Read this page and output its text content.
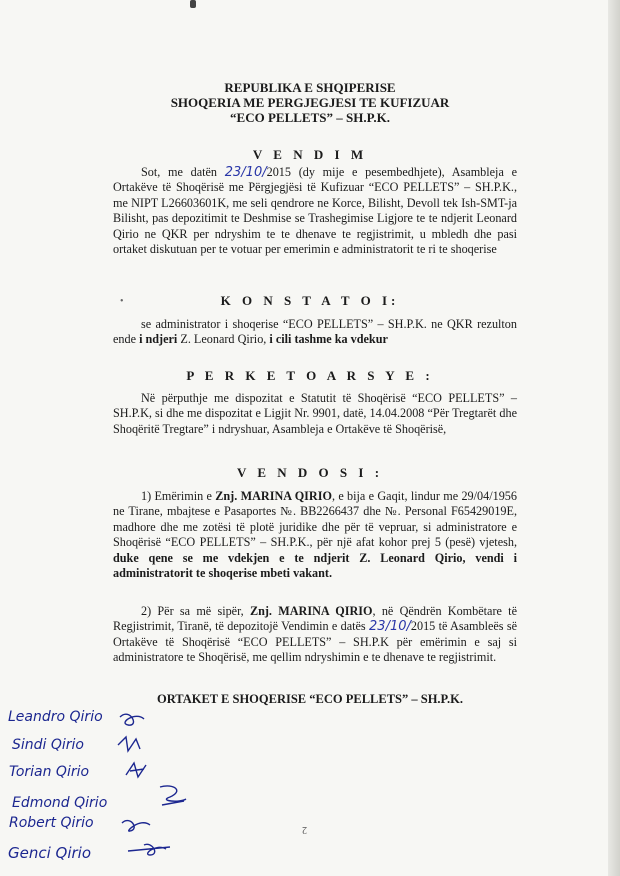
REPUBLIKA E SHQIPERISE
SHOQERIA ME PERGJEGJESI TE KUFIZUAR
“ECO PELLETS” – SH.P.K.
V E N D I M
Sot, me datën 23/10/2015 (dy mije e pesembedhjete), Asambleja e Ortakëve të Shoqërisë me Përgjegjësi të Kufizuar “ECO PELLETS” – SH.P.K., me NIPT L26603601K, me seli qendrore ne Korce, Bilisht, Devoll tek Ish-SMT-ja Bilisht, pas depozitimit te Deshmise se Trashegimise Ligjore te te ndjerit Leonard Qirio ne QKR per ndryshim te te dhenave te regjistrimit, u mbledh dhe pasi ortaket diskutuan per te votuar per emerimin e administratorit te ri te shoqerise
•	K O N S T A T O I:
se administrator i shoqerise “ECO PELLETS” – SH.P.K. ne QKR rezulton ende i ndjeri Z. Leonard Qirio, i cili tashme ka vdekur
P E R K E T O A R S Y E :
Në përputhje me dispozitat e Statutit të Shoqërisë “ECO PELLETS” – SH.P.K, si dhe me dispozitat e Ligjit Nr. 9901, datë, 14.04.2008 “Për Tregtarët dhe Shoqëritë Tregtare” i ndryshuar, Asambleja e Ortakëve të Shoqërisë,
V E N D O S I :
1) Emërimin e Znj. MARINA QIRIO, e bija e Gaqit, lindur me 29/04/1956 ne Tirane, mbajtese e Pasaportes №. BB2266437 dhe №. Personal F65429019E, madhore dhe me zotësi të plotë juridike dhe për të vepruar, si administratore e Shoqërisë “ECO PELLETS” – SH.P.K., për një afat kohor prej 5 (pesë) vjetesh, duke qene se me vdekjen e te ndjerit Z. Leonard Qirio, vendi i administratorit te shoqerise mbeti vakant.
2) Për sa më sipër, Znj. MARINA QIRIO, në Qëndrën Kombëtare të Regjistrimit, Tiranë, të depozitojë Vendimin e datës 23/10/2015 të Asambleës së Ortakëve të Shoqërisë “ECO PELLETS” – SH.P.K për emërimin e saj si administratore te Shoqërisë, me qellim ndryshimin e te dhenave te regjistrimit.
ORTAKET E SHOQERISE “ECO PELLETS” – SH.P.K.
Leandro Qirio
Sindi Qirio
Torian Qirio
Edmond Qirio
Robert Qirio
Genci Qirio
2
